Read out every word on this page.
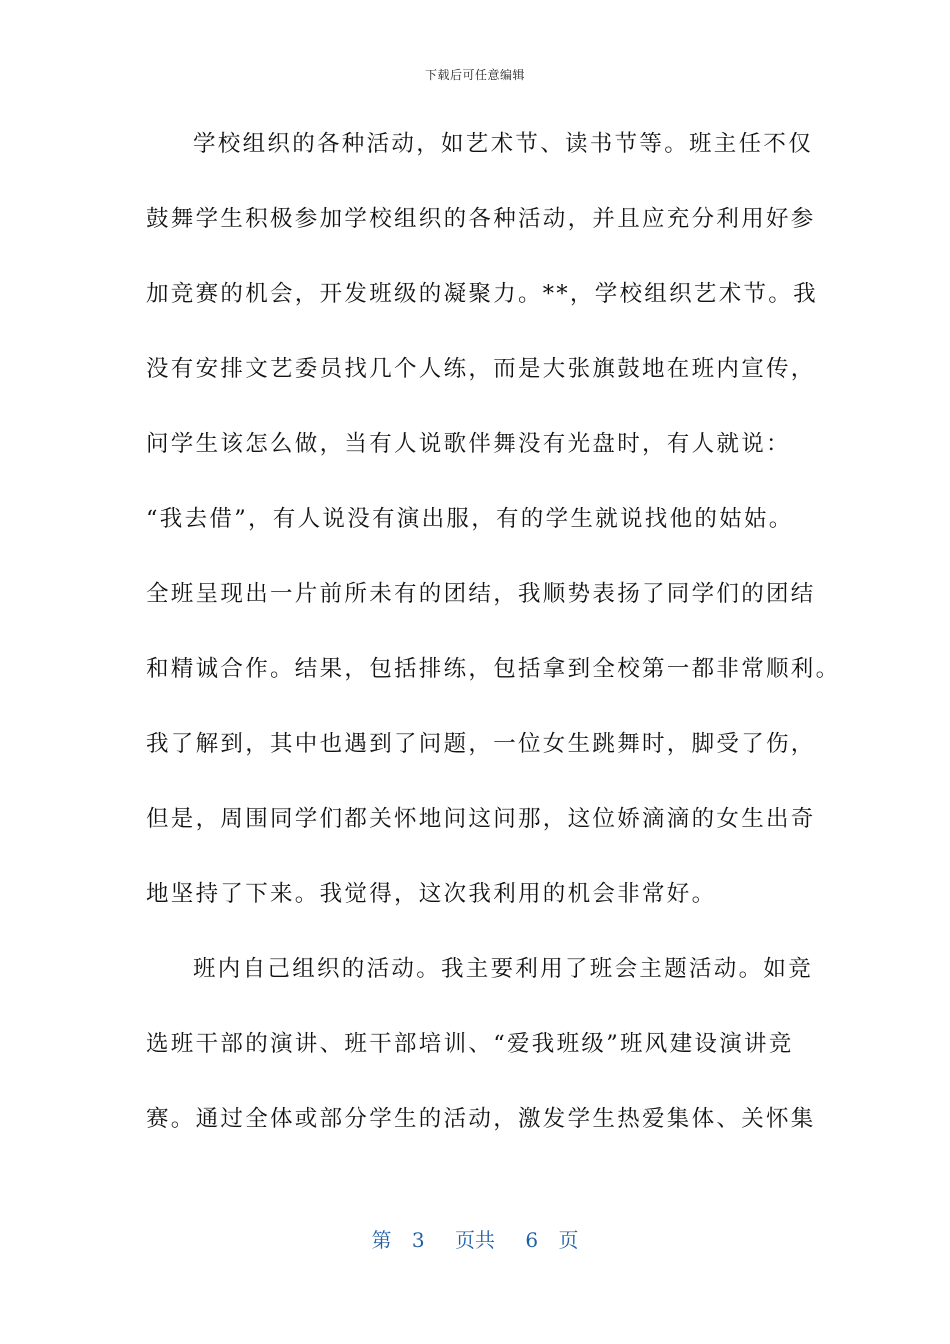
下载后可任意编辑
学校组织的各种活动，如艺术节、读书节等。班主任不仅
鼓舞学生积极参加学校组织的各种活动，并且应充分利用好参
加竞赛的机会，开发班级的凝聚力。**，学校组织艺术节。我
没有安排文艺委员找几个人练，而是大张旗鼓地在班内宣传，
问学生该怎么做，当有人说歌伴舞没有光盘时，有人就说：
“我去借”，有人说没有演出服，有的学生就说找他的姑姑。
全班呈现出一片前所未有的团结，我顺势表扬了同学们的团结
和精诚合作。结果，包括排练，包括拿到全校第一都非常顺利。
我了解到，其中也遇到了问题，一位女生跳舞时，脚受了伤，
但是，周围同学们都关怀地问这问那，这位娇滴滴的女生出奇
地坚持了下来。我觉得，这次我利用的机会非常好。
班内自己组织的活动。我主要利用了班会主题活动。如竞
选班干部的演讲、班干部培训、“爱我班级”班风建设演讲竞
赛。通过全体或部分学生的活动，激发学生热爱集体、关怀集
第 3 页共 6 页
